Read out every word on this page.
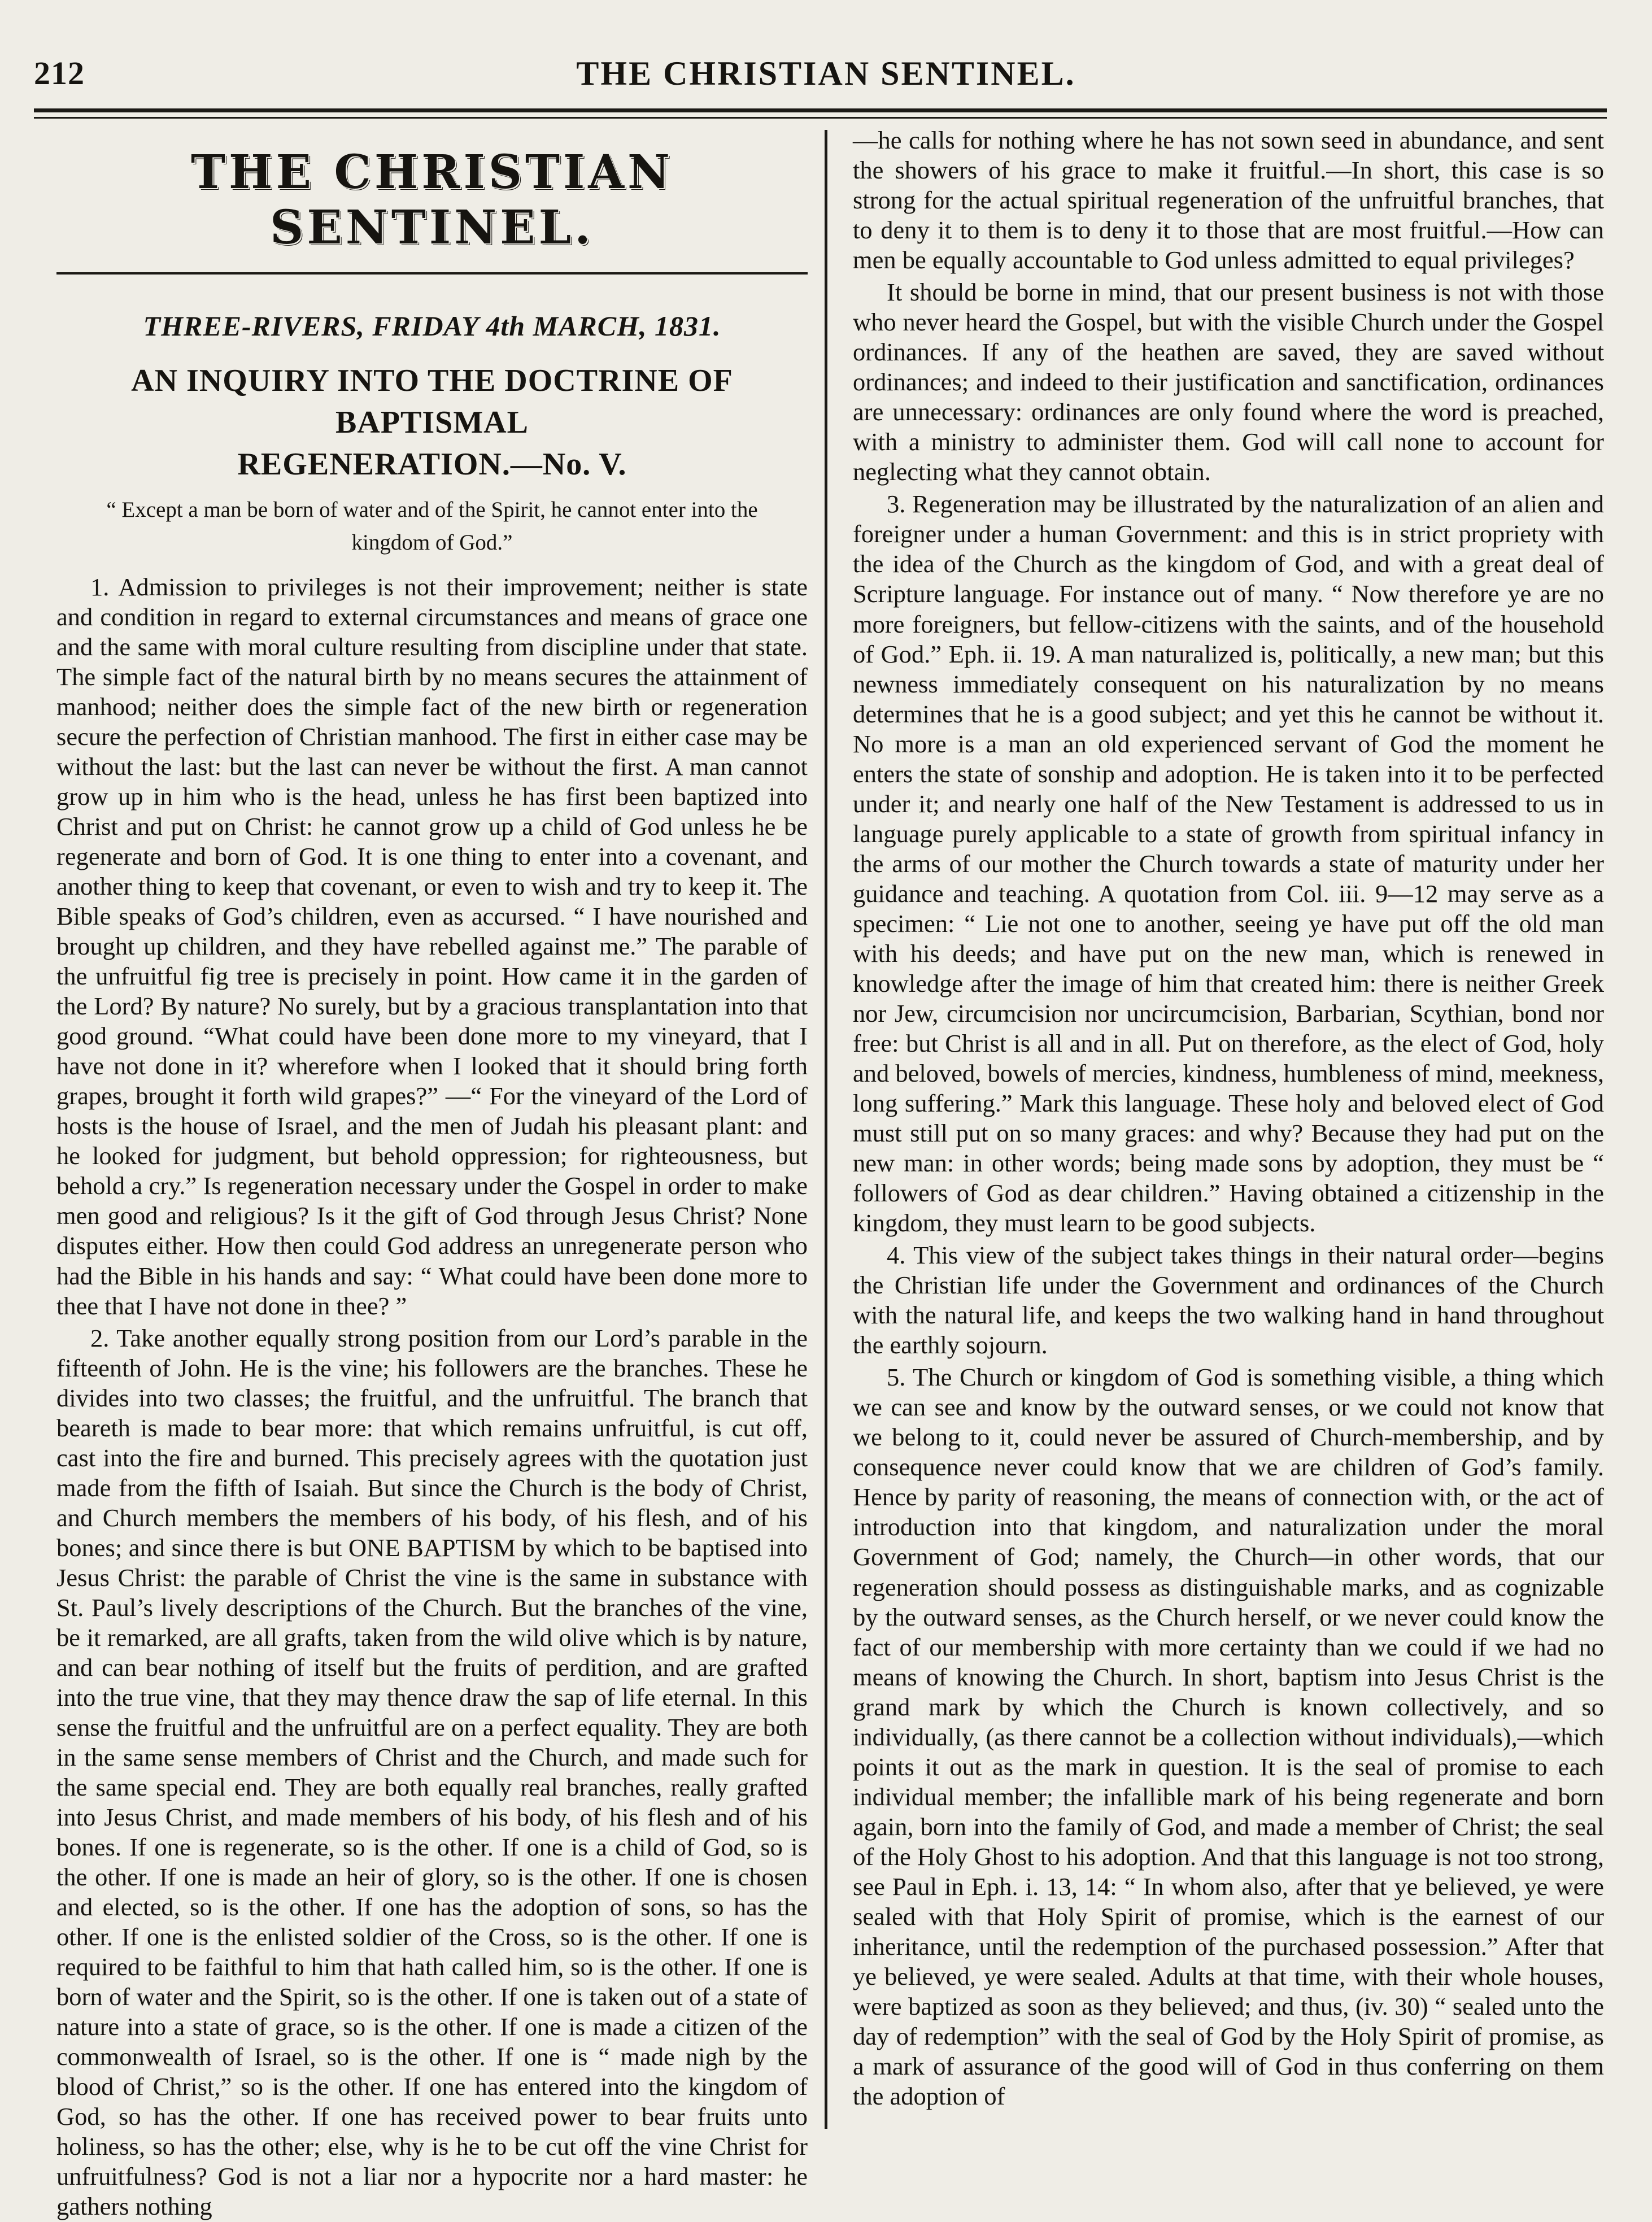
212	THE CHRISTIAN SENTINEL.
THE CHRISTIAN SENTINEL.
THREE-RIVERS, FRIDAY 4th MARCH, 1831.
AN INQUIRY INTO THE DOCTRINE OF BAPTISMAL
REGENERATION.—No. V.
“ Except a man be born of water and of the Spirit, he cannot enter into the kingdom of God.”

1. Admission to privileges is not their improvement; neither is state and condition in regard to external circumstances and means of grace one and the same with moral culture resulting from discipline under that state. The simple fact of the natural birth by no means secures the attainment of manhood; neither does the simple fact of the new birth or regeneration secure the perfection of Christian manhood. The first in either case may be without the last: but the last can never be without the first. A man cannot grow up in him who is the head, unless he has first been baptized into Christ and put on Christ: he cannot grow up a child of God unless he be regenerate and born of God. It is one thing to enter into a covenant, and another thing to keep that covenant, or even to wish and try to keep it. The Bible speaks of God’s children, even as accursed. “ I have nourished and brought up children, and they have rebelled against me.” The parable of the unfruitful fig tree is precisely in point. How came it in the garden of the Lord? By nature? No surely, but by a gracious transplantation into that good ground. “What could have been done more to my vineyard, that I have not done in it? wherefore when I looked that it should bring forth grapes, brought it forth wild grapes?” —“ For the vineyard of the Lord of hosts is the house of Israel, and the men of Judah his pleasant plant: and he looked for judgment, but behold oppression; for righteousness, but behold a cry.” Is regeneration necessary under the Gospel in order to make men good and religious? Is it the gift of God through Jesus Christ? None disputes either. How then could God address an unregenerate person who had the Bible in his hands and say: “ What could have been done more to thee that I have not done in thee? ”

2. Take another equally strong position from our Lord’s parable in the fifteenth of John. He is the vine; his followers are the branches. These he divides into two classes; the fruitful, and the unfruitful. The branch that beareth is made to bear more: that which remains unfruitful, is cut off, cast into the fire and burned. This precisely agrees with the quotation just made from the fifth of Isaiah. But since the Church is the body of Christ, and Church members the members of his body, of his flesh, and of his bones; and since there is but ONE BAPTISM by which to be baptised into Jesus Christ: the parable of Christ the vine is the same in substance with St. Paul’s lively descriptions of the Church. But the branches of the vine, be it remarked, are all grafts, taken from the wild olive which is by nature, and can bear nothing of itself but the fruits of perdition, and are grafted into the true vine, that they may thence draw the sap of life eternal. In this sense the fruitful and the unfruitful are on a perfect equality. They are both in the same sense members of Christ and the Church, and made such for the same special end. They are both equally real branches, really grafted into Jesus Christ, and made members of his body, of his flesh and of his bones. If one is regenerate, so is the other. If one is a child of God, so is the other. If one is made an heir of glory, so is the other. If one is chosen and elected, so is the other. If one has the adoption of sons, so has the other. If one is the enlisted soldier of the Cross, so is the other. If one is required to be faithful to him that hath called him, so is the other. If one is born of water and the Spirit, so is the other. If one is taken out of a state of nature into a state of grace, so is the other. If one is made a citizen of the commonwealth of Israel, so is the other. If one is “ made nigh by the blood of Christ,” so is the other. If one has entered into the kingdom of God, so has the other. If one has received power to bear fruits unto holiness, so has the other; else, why is he to be cut off the vine Christ for unfruitfulness? God is not a liar nor a hypocrite nor a hard master: he gathers nothing

—he calls for nothing where he has not sown seed in abundance, and sent the showers of his grace to make it fruitful.—In short, this case is so strong for the actual spiritual regeneration of the unfruitful branches, that to deny it to them is to deny it to those that are most fruitful.—How can men be equally accountable to God unless admitted to equal privileges?

It should be borne in mind, that our present business is not with those who never heard the Gospel, but with the visible Church under the Gospel ordinances. If any of the heathen are saved, they are saved without ordinances; and indeed to their justification and sanctification, ordinances are unnecessary: ordinances are only found where the word is preached, with a ministry to administer them. God will call none to account for neglecting what they cannot obtain.

3. Regeneration may be illustrated by the naturalization of an alien and foreigner under a human Government: and this is in strict propriety with the idea of the Church as the kingdom of God, and with a great deal of Scripture language. For instance out of many. “ Now therefore ye are no more foreigners, but fellow-citizens with the saints, and of the household of God.” Eph. ii. 19. A man naturalized is, politically, a new man; but this newness immediately consequent on his naturalization by no means determines that he is a good subject; and yet this he cannot be without it. No more is a man an old experienced servant of God the moment he enters the state of sonship and adoption. He is taken into it to be perfected under it; and nearly one half of the New Testament is addressed to us in language purely applicable to a state of growth from spiritual infancy in the arms of our mother the Church towards a state of maturity under her guidance and teaching. A quotation from Col. iii. 9—12 may serve as a specimen: “ Lie not one to another, seeing ye have put off the old man with his deeds; and have put on the new man, which is renewed in knowledge after the image of him that created him: there is neither Greek nor Jew, circumcision nor uncircumcision, Barbarian, Scythian, bond nor free: but Christ is all and in all. Put on therefore, as the elect of God, holy and beloved, bowels of mercies, kindness, humbleness of mind, meekness, long suffering.” Mark this language. These holy and beloved elect of God must still put on so many graces: and why? Because they had put on the new man: in other words; being made sons by adoption, they must be “ followers of God as dear children.” Having obtained a citizenship in the kingdom, they must learn to be good subjects.

4. This view of the subject takes things in their natural order—begins the Christian life under the Government and ordinances of the Church with the natural life, and keeps the two walking hand in hand throughout the earthly sojourn.

5. The Church or kingdom of God is something visible, a thing which we can see and know by the outward senses, or we could not know that we belong to it, could never be assured of Church-membership, and by consequence never could know that we are children of God’s family. Hence by parity of reasoning, the means of connection with, or the act of introduction into that kingdom, and naturalization under the moral Government of God; namely, the Church—in other words, that our regeneration should possess as distinguishable marks, and as cognizable by the outward senses, as the Church herself, or we never could know the fact of our membership with more certainty than we could if we had no means of knowing the Church. In short, baptism into Jesus Christ is the grand mark by which the Church is known collectively, and so individually, (as there cannot be a collection without individuals),—which points it out as the mark in question. It is the seal of promise to each individual member; the infallible mark of his being regenerate and born again, born into the family of God, and made a member of Christ; the seal of the Holy Ghost to his adoption. And that this language is not too strong, see Paul in Eph. i. 13, 14: “ In whom also, after that ye believed, ye were sealed with that Holy Spirit of promise, which is the earnest of our inheritance, until the redemption of the purchased possession.” After that ye believed, ye were sealed. Adults at that time, with their whole houses, were baptized as soon as they believed; and thus, (iv. 30) “ sealed unto the day of redemption” with the seal of God by the Holy Spirit of promise, as a mark of assurance of the good will of God in thus conferring on them the adoption of
